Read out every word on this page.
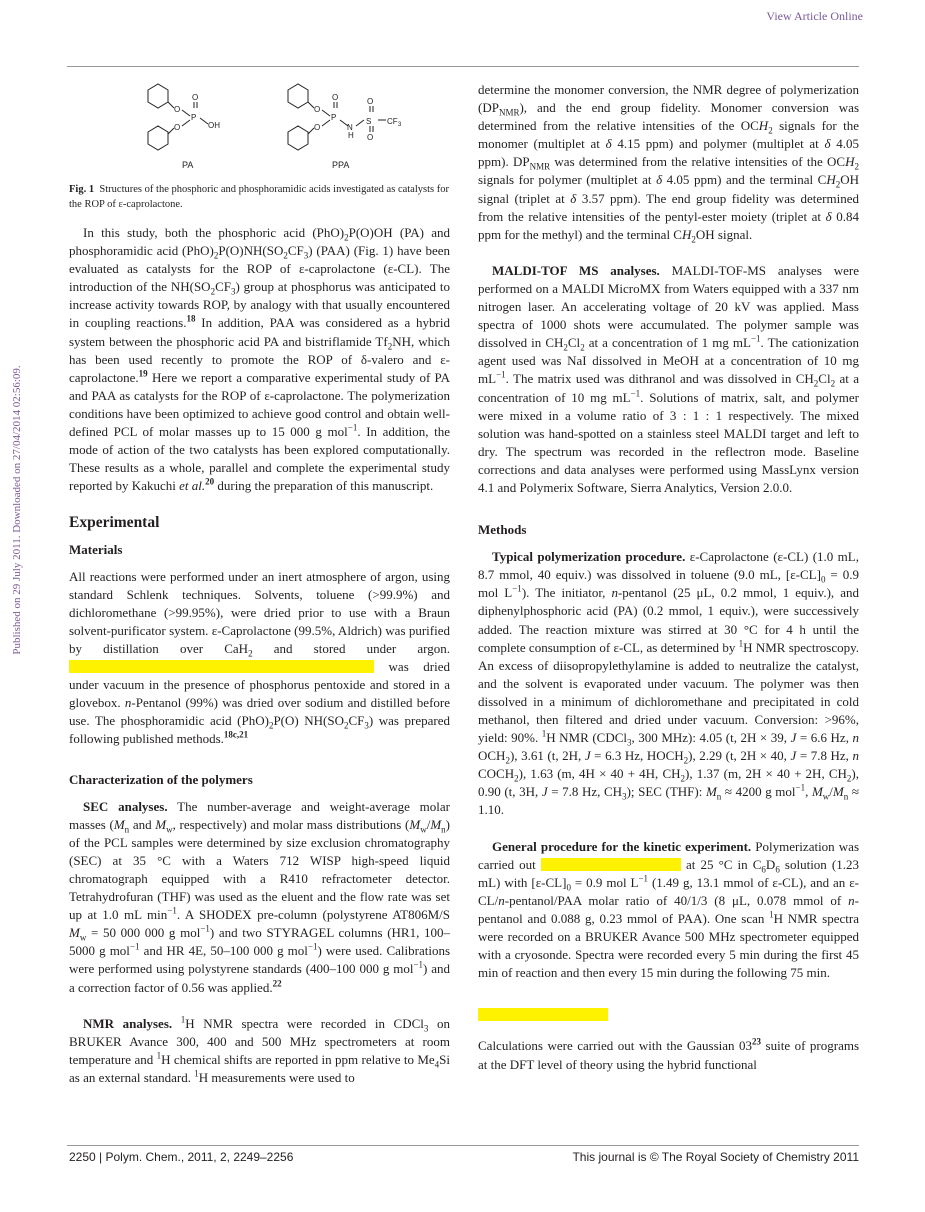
View Article Online
Published on 29 July 2011. Downloaded on 27/04/2014 02:56:09.
O
P
O
OH
O
O
P
O
N
H
S
O
O
CF 3
O
PA	PPA
Fig. 1 Structures of the phosphoric and phosphoramidic acids investigated as catalysts for the ROP of ε-caprolactone.

In this study, both the phosphoric acid $(PhO)_2P(O)OH$ (PA) and phosphoramidic acid $(PhO)_2P(O)NH(SO_2CF_3)$ (PAA) (Fig. 1) have been evaluated as catalysts for the ROP of ε-caprolactone (ε-CL). The introduction of the $NH(SO_2CF_3)$ group at phosphorus was anticipated to increase activity towards ROP, by analogy with that usually encountered in coupling reactions.$^{18}$ In addition, PAA was considered as a hybrid system between the phosphoric acid PA and bistriflamide $Tf_2NH$, which has been used recently to promote the ROP of δ-valero and ε-caprolactone.$^{19}$ Here we report a comparative experimental study of PA and PAA as catalysts for the ROP of ε-caprolactone. The polymerization conditions have been optimized to achieve good control and obtain well-defined PCL of molar masses up to 15 000 g mol$^{-1}$. In addition, the mode of action of the two catalysts has been explored computationally. These results as a whole, parallel and complete the experimental study reported by Kakuchi et al.$^{20}$ during the preparation of this manuscript.

Experimental
Materials

All reactions were performed under an inert atmosphere of argon, using standard Schlenk techniques. Solvents, toluene (>99.9%) and dichloromethane (>99.95%), were dried prior to use with a Braun solvent-purificator system. ε-Caprolactone (99.5%, Aldrich) was purified by distillation over CaH$_2$ and stored under argon.  was dried under vacuum in the presence of phosphorus pentoxide and stored in a glovebox. n-Pentanol (99%) was dried over sodium and distilled before use. The phosphoramidic acid $(PhO)_2P(O)$ $NH(SO_2CF_3)$ was prepared following published methods.$^{18c,21}$

Characterization of the polymers

SEC analyses. The number-average and weight-average molar masses ($M_n$ and $M_w$, respectively) and molar mass distributions $(M_w/M_n)$ of the PCL samples were determined by size exclusion chromatography (SEC) at 35 °C with a Waters 712 WISP high-speed liquid chromatograph equipped with a R410 refractometer detector. Tetrahydrofuran (THF) was used as the eluent and the flow rate was set up at 1.0 mL $\min^{-1}$. A SHODEX pre-column (polystyrene AT806M/S $M_w = 50$ 000 000 g mol$^{-1}$) and two STYRAGEL columns (HR1, 100–5000 g mol$^{-1}$ and HR 4E, 50–100 000 g mol$^{-1}$) were used. Calibrations were performed using polystyrene standards (400–100 000 g mol$^{-1}$) and a correction factor of 0.56 was applied.$^{22}$

NMR analyses. $^1$H NMR spectra were recorded in CDCl$_3$ on BRUKER Avance 300, 400 and 500 MHz spectrometers at room temperature and $^1$H chemical shifts are reported in ppm relative to $Me_4Si$ as an external standard. $^1$H measurements were used to

determine the monomer conversion, the NMR degree of polymerization $(DP_{NMR})$, and the end group fidelity. Monomer conversion was determined from the relative intensities of the $OCH_2$ signals for the monomer (multiplet at δ 4.15 ppm) and polymer (multiplet at δ 4.05 ppm). $DP_{NMR}$ was determined from the relative intensities of the $OCH_2$ signals for polymer (multiplet at δ 4.05 ppm) and the terminal $CH_2OH$ signal (triplet at δ 3.57 ppm). The end group fidelity was determined from the relative intensities of the pentyl-ester moiety (triplet at δ 0.84 ppm for the methyl) and the terminal $CH_2OH$ signal.

MALDI-TOF MS analyses. MALDI-TOF-MS analyses were performed on a MALDI MicroMX from Waters equipped with a 337 nm nitrogen laser. An accelerating voltage of 20 kV was applied. Mass spectra of 1000 shots were accumulated. The polymer sample was dissolved in $CH_2Cl_2$ at a concentration of 1 mg $mL^{-1}$. The cationization agent used was NaI dissolved in MeOH at a concentration of 10 mg $mL^{-1}$. The matrix used was dithranol and was dissolved in $CH_2Cl_2$ at a concentration of 10 mg $mL^{-1}$. Solutions of matrix, salt, and polymer were mixed in a volume ratio of 3 : 1 : 1 respectively. The mixed solution was hand-spotted on a stainless steel MALDI target and left to dry. The spectrum was recorded in the reflectron mode. Baseline corrections and data analyses were performed using MassLynx version 4.1 and Polymerix Software, Sierra Analytics, Version 2.0.0.

Methods

Typical polymerization procedure. ε-Caprolactone (ε-CL) (1.0 mL, 8.7 mmol, 40 equiv.) was dissolved in toluene (9.0 mL, $[\varepsilon-CL]_0 = 0.9$ mol $L^{-1}$). The initiator, n-pentanol (25 μL, 0.2 mmol, 1 equiv.), and diphenylphosphoric acid (PA) (0.2 mmol, 1 equiv.), were successively added. The reaction mixture was stirred at 30 °C for 4 h until the complete consumption of ε-CL, as determined by $^1$H NMR spectroscopy. An excess of diisopropylethylamine is added to neutralize the catalyst, and the solvent is evaporated under vacuum. The polymer was then dissolved in a minimum of dichloromethane and precipitated in cold methanol, then filtered and dried under vacuum. Conversion: >96%, yield: 90%. $^1$H NMR (CDCl$_3$, 300 MHz): 4.05 (t, 2H × 39, J = 6.6 Hz, n $OCH_2$), 3.61 (t, 2H, J = 6.3 Hz, $HOCH_2$), 2.29 (t, 2H × 40, J = 7.8 Hz, n $COCH_2$), 1.63 (m, 4H × 40 + 4H, $CH_2$), 1.37 (m, 2H × 40 + 2H, $CH_2$), 0.90 (t, 3H, J = 7.8 Hz, $CH_3$); SEC (THF): $M_n \approx 4200$ g mol$^{-1}$, $M_w/M_n \approx 1.10$.

General procedure for the kinetic experiment. Polymerization was carried out	at 25 °C in $C_6D_6$ solution (1.23 mL) with $[\varepsilon-CL]_0 = 0.9$ mol $L^{-1}$ (1.49 g, 13.1 mmol of ε-CL), and an ε-CL/n-pentanol/PAA molar ratio of 40/1/3 (8 μL, 0.078 mmol of n-pentanol and 0.088 g, 0.23 mmol of PAA). One scan $^1$H NMR spectra were recorded on a BRUKER Avance 500 MHz spectrometer equipped with a cryosonde. Spectra were recorded every 5 min during the first 45 min of reaction and then every 15 min during the following 75 min.

Calculations were carried out with the Gaussian $03^{23}$ suite of programs at the DFT level of theory using the hybrid functional

2250 | Polym. Chem., 2011, 2, 2249–2256	This journal is © The Royal Society of Chemistry 2011
